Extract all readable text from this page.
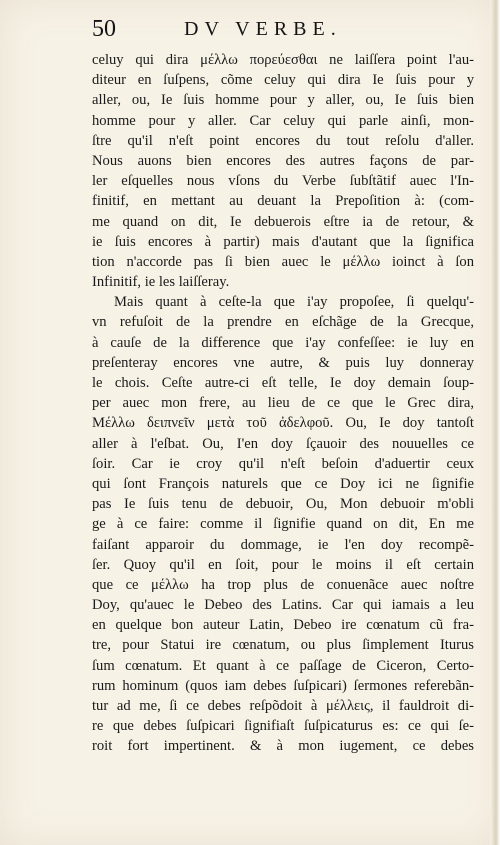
50	DV VERBE.
celuy qui dira μέλλω πορεύεσθαι ne laiſſera point l'au-
diteur en ſuſpens, cõme celuy qui dira Ie ſuis pour y
aller, ou, Ie ſuis homme pour y aller, ou, Ie ſuis bien
homme pour y aller. Car celuy qui parle ainſi, mon-
ſtre qu'il n'eſt point encores du tout reſolu d'aller.
Nous auons bien encores des autres façons de par-
ler eſquelles nous vſons du Verbe ſubſtãtif auec l'In-
finitif, en mettant au deuant la Prepoſition à: (com-
me quand on dit, Ie debuerois eſtre ia de retour, &
ie ſuis encores à partir) mais d'autant que la ſignifica
tion n'accorde pas ſi bien auec le μέλλω ioinct à ſon
Infinitif, ie les laiſſeray.
Mais quant à ceſte-la que i'ay propoſee, ſi quelqu'-
vn refuſoit de la prendre en eſchãge de la Grecque,
à cauſe de la difference que i'ay confeſſee: ie luy en
preſenteray encores vne autre, & puis luy donneray
le chois. Ceſte autre-ci eſt telle, Ie doy demain ſoup-
per auec mon frere, au lieu de ce que le Grec dira,
Μέλλω δειπνεῖν μετὰ τοῦ ἀδελφοῦ. Ou, Ie doy tantoſt
aller à l'eſbat. Ou, I'en doy ſçauoir des nouuelles ce
ſoir. Car ie croy qu'il n'eſt beſoin d'aduertir ceux
qui ſont François naturels que ce Doy ici ne ſignifie
pas Ie ſuis tenu de debuoir, Ou, Mon debuoir m'obli
ge à ce faire: comme il ſignifie quand on dit, En me
faiſant apparoir du dommage, ie l'en doy recompẽ-
ſer. Quoy qu'il en ſoit, pour le moins il eſt certain
que ce μέλλω ha trop plus de conuenãce auec noſtre
Doy, qu'auec le Debeo des Latins. Car qui iamais a leu
en quelque bon auteur Latin, Debeo ire cœnatum cũ fra-
tre, pour Statui ire cœnatum, ou plus ſimplement Iturus
ſum cœnatum. Et quant à ce paſſage de Ciceron, Certo-
rum hominum (quos iam debes ſuſpicari) ſermones referebãn-
tur ad me, ſi ce debes reſpõdoit à μέλλεις, il fauldroit di-
re que debes ſuſpicari ſignifiaſt ſuſpicaturus es: ce qui ſe-
roit fort impertinent. & à mon iugement, ce debes
